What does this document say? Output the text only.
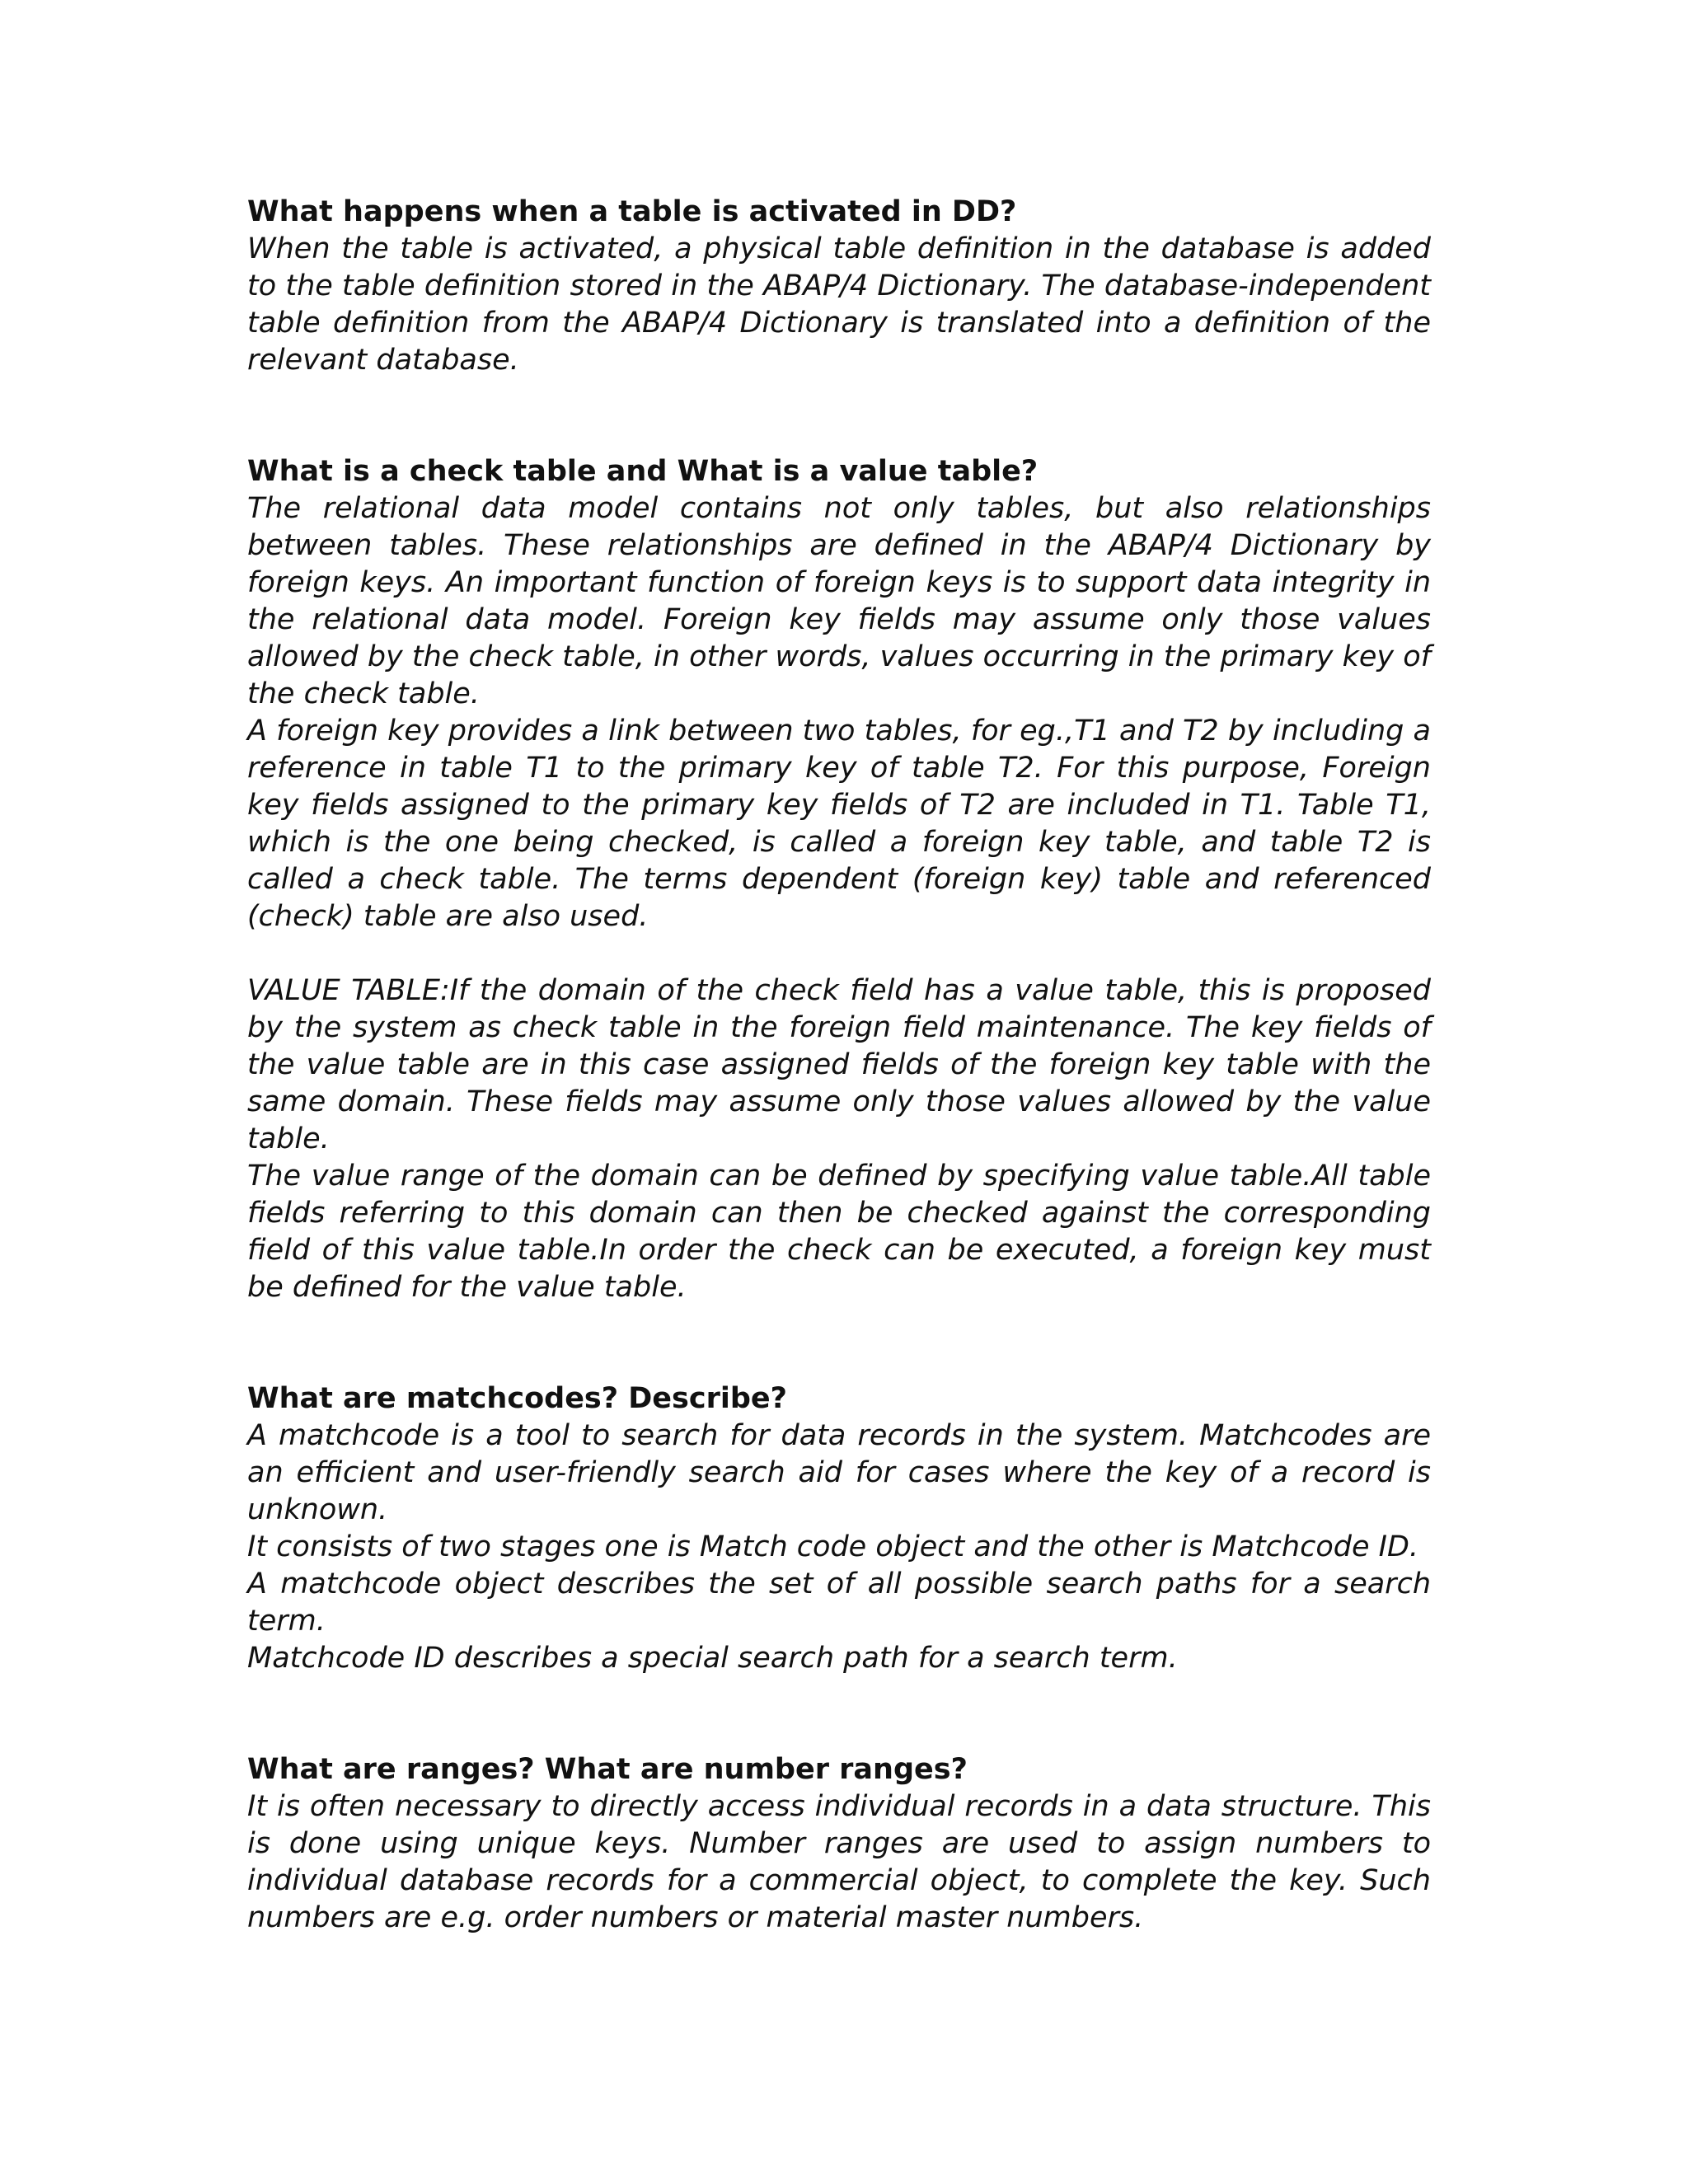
What happens when a table is activated in DD?

When the table is activated, a physical table definition in the database is added to the table definition stored in the ABAP/4 Dictionary. The database-independent table definition from the ABAP/4 Dictionary is translated into a definition of the relevant database.

What is a check table and What is a value table?

The relational data model contains not only tables, but also relationships between tables. These relationships are defined in the ABAP/4 Dictionary by foreign keys. An important function of foreign keys is to support data integrity in the relational data model. Foreign key fields may assume only those values allowed by the check table, in other words, values occurring in the primary key of the check table.

A foreign key provides a link between two tables, for eg.,T1 and T2 by including a reference in table T1 to the primary key of table T2. For this purpose, Foreign key fields assigned to the primary key fields of T2 are included in T1. Table T1, which is the one being checked, is called a foreign key table, and table T2 is called a check table. The terms dependent (foreign key) table and referenced (check) table are also used.

VALUE TABLE:If the domain of the check field has a value table, this is proposed by the system as check table in the foreign field maintenance. The key fields of the value table are in this case assigned fields of the foreign key table with the same domain. These fields may assume only those values allowed by the value table.

The value range of the domain can be defined by specifying value table.All table fields referring to this domain can then be checked against the corresponding field of this value table.In order the check can be executed, a foreign key must be defined for the value table.

What are matchcodes? Describe?

A matchcode is a tool to search for data records in the system. Matchcodes are an efficient and user-friendly search aid for cases where the key of a record is unknown.

It consists of two stages one is Match code object and the other is Matchcode ID.

A matchcode object describes the set of all possible search paths for a search term.

Matchcode ID describes a special search path for a search term.

What are ranges? What are number ranges?

It is often necessary to directly access individual records in a data structure. This is done using unique keys. Number ranges are used to assign numbers to individual database records for a commercial object, to complete the key. Such numbers are e.g. order numbers or material master numbers.
